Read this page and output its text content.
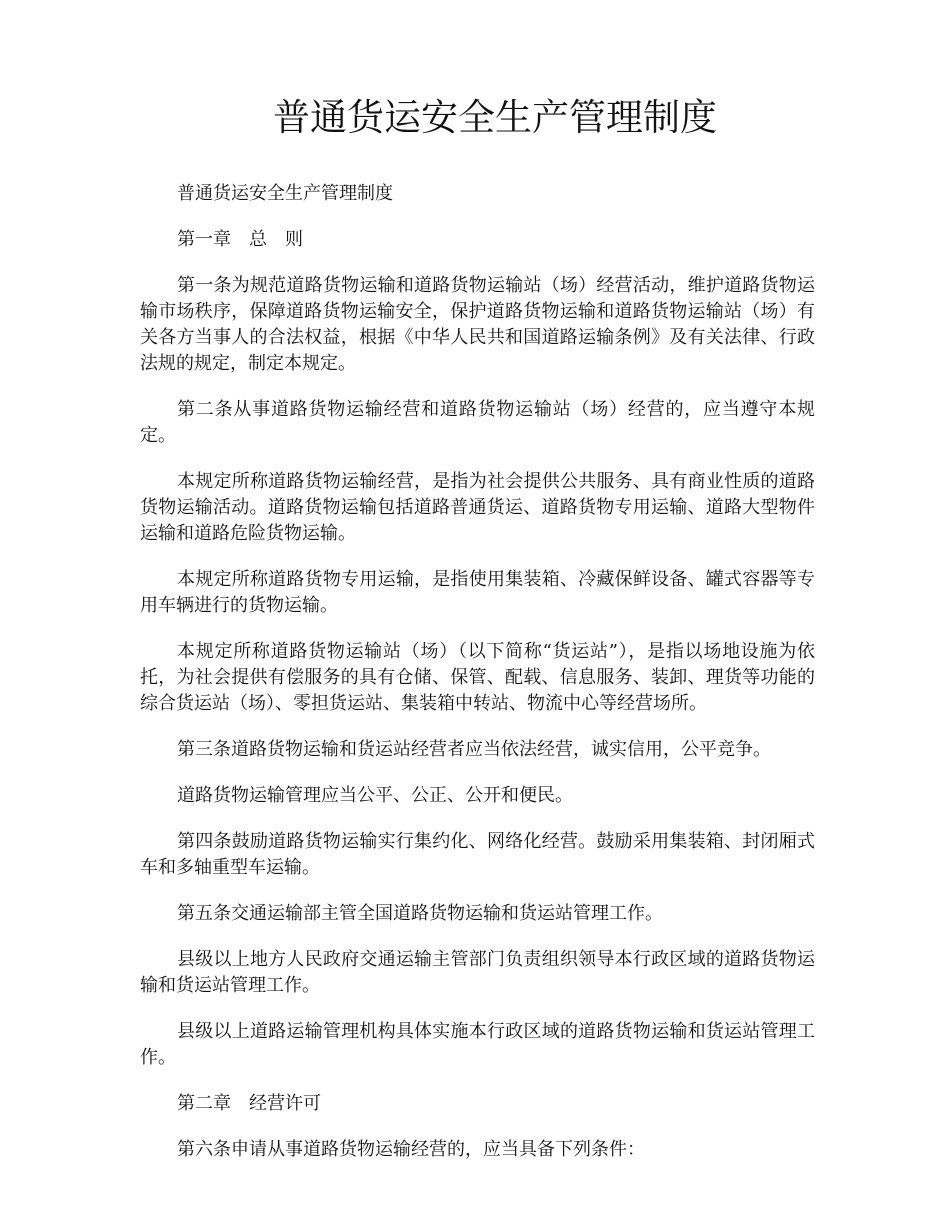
普通货运安全生产管理制度

普通货运安全生产管理制度

第一章　总　则

第一条为规范道路货物运输和道路货物运输站（场）经营活动，维护道路货物运输市场秩序，保障道路货物运输安全，保护道路货物运输和道路货物运输站（场）有关各方当事人的合法权益，根据《中华人民共和国道路运输条例》及有关法律、行政法规的规定，制定本规定。

第二条从事道路货物运输经营和道路货物运输站（场）经营的，应当遵守本规定。

本规定所称道路货物运输经营，是指为社会提供公共服务、具有商业性质的道路货物运输活动。道路货物运输包括道路普通货运、道路货物专用运输、道路大型物件运输和道路危险货物运输。

本规定所称道路货物专用运输，是指使用集装箱、冷藏保鲜设备、罐式容器等专用车辆进行的货物运输。

本规定所称道路货物运输站（场）（以下简称“货运站”），是指以场地设施为依托，为社会提供有偿服务的具有仓储、保管、配载、信息服务、装卸、理货等功能的综合货运站（场）、零担货运站、集装箱中转站、物流中心等经营场所。

第三条道路货物运输和货运站经营者应当依法经营，诚实信用，公平竞争。

道路货物运输管理应当公平、公正、公开和便民。

第四条鼓励道路货物运输实行集约化、网络化经营。鼓励采用集装箱、封闭厢式车和多轴重型车运输。

第五条交通运输部主管全国道路货物运输和货运站管理工作。

县级以上地方人民政府交通运输主管部门负责组织领导本行政区域的道路货物运输和货运站管理工作。

县级以上道路运输管理机构具体实施本行政区域的道路货物运输和货运站管理工作。

第二章　经营许可

第六条申请从事道路货物运输经营的，应当具备下列条件：
